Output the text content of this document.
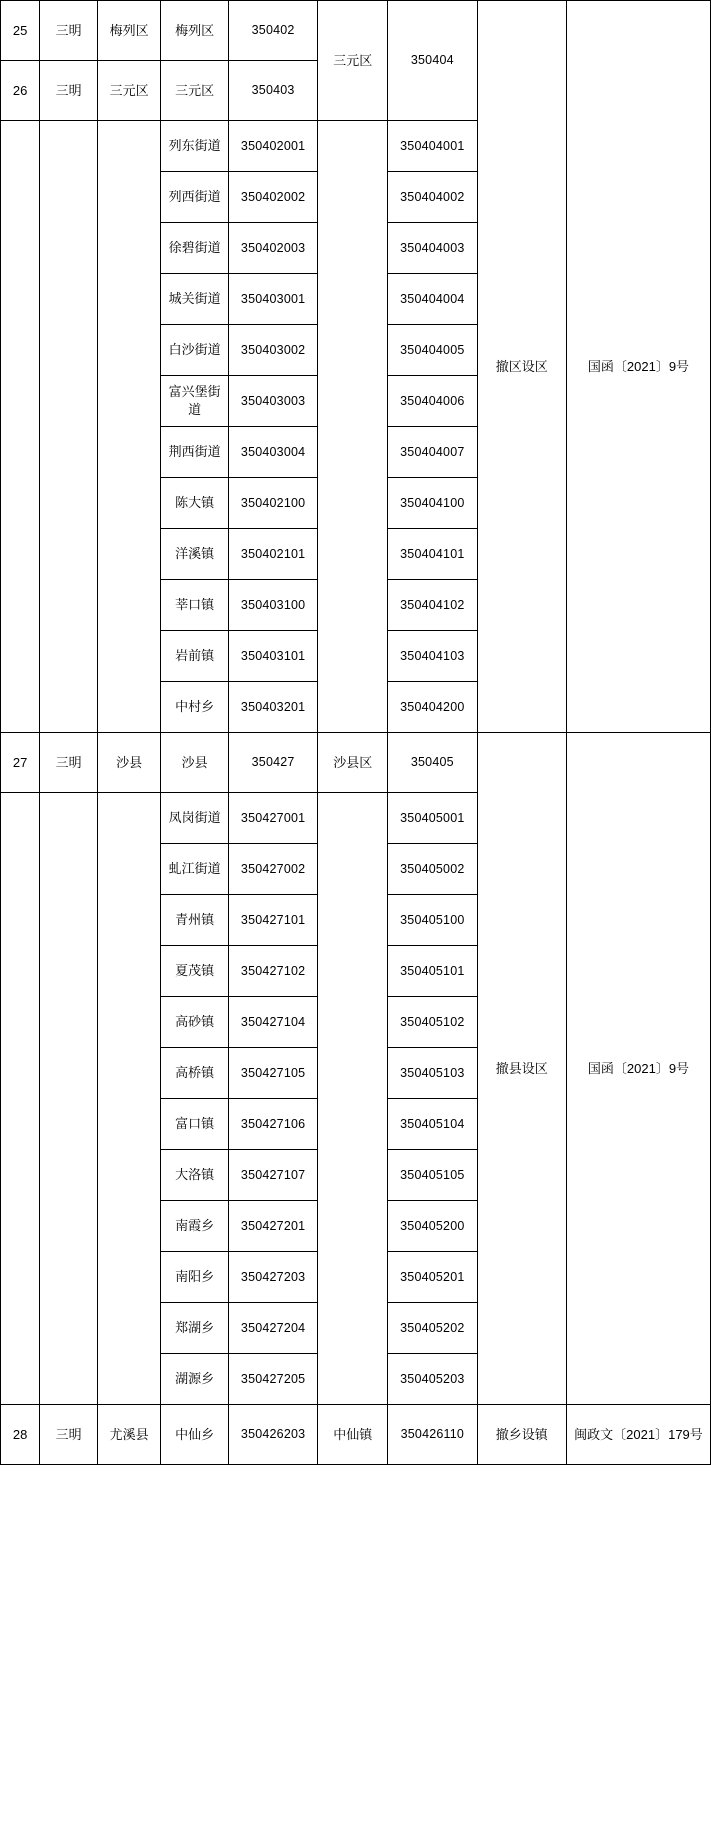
25	三明	梅列区	梅列区	350402	三元区	350404	撤区设区	国函〔2021〕9号
26	三明	三元区	三元区	350403				
			列东街道	350402001		350404001		
			列西街道	350402002		350404002		
			徐碧街道	350402003		350404003		
			城关街道	350403001		350404004		
			白沙街道	350403002		350404005		
			富兴堡街道	350403003		350404006		
			荆西街道	350403004		350404007		
			陈大镇	350402100		350404100		
			洋溪镇	350402101		350404101		
			莘口镇	350403100		350404102		
			岩前镇	350403101		350404103		
			中村乡	350403201		350404200		
27	三明	沙县	沙县	350427	沙县区	350405	撤县设区	国函〔2021〕9号
			凤岗街道	350427001		350405001		
			虬江街道	350427002		350405002		
			青州镇	350427101		350405100		
			夏茂镇	350427102		350405101		
			高砂镇	350427104		350405102		
			高桥镇	350427105		350405103		
			富口镇	350427106		350405104		
			大洛镇	350427107		350405105		
			南霞乡	350427201		350405200		
			南阳乡	350427203		350405201		
			郑湖乡	350427204		350405202		
			湖源乡	350427205		350405203		
28	三明	尤溪县	中仙乡	350426203	中仙镇	350426110	撤乡设镇	闽政文〔2021〕179号
